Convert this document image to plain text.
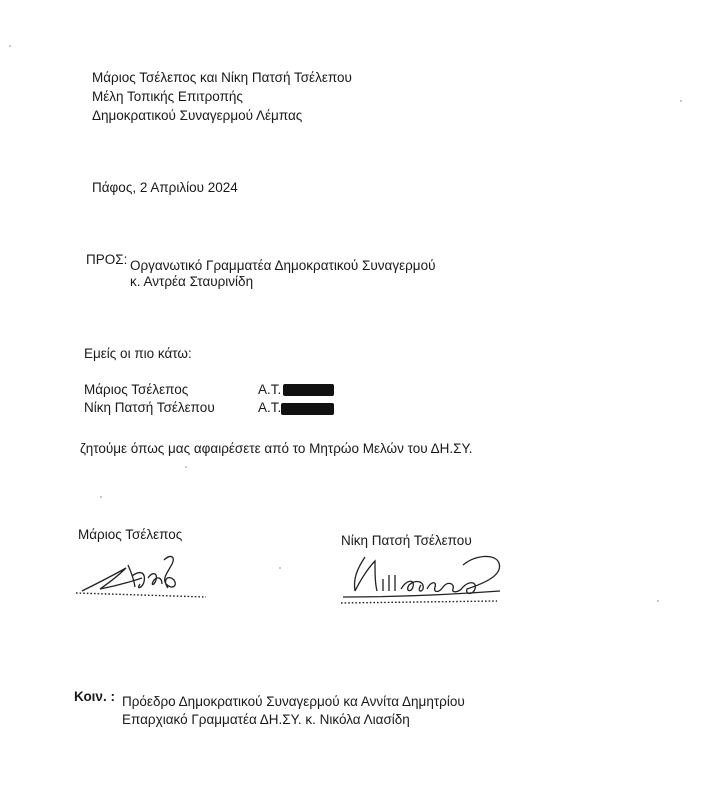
Μάριος Τσέλεπος και Νίκη Πατσή Τσέλεπου
Μέλη Τοπικής Επιτροπής
Δημοκρατικού Συναγερμού Λέμπας
Πάφος, 2 Απριλίου 2024
ΠΡΟΣ: Οργανωτικό Γραμματέα Δημοκρατικού Συναγερμού
κ. Αντρέα Σταυρινίδη
Εμείς οι πιο κάτω:
Μάριος Τσέλεπος	Α.Τ.
Νίκη Πατσή Τσέλεπου	Α.Τ.
ζητούμε όπως μας αφαιρέσετε από το Μητρώο Μελών του ΔΗ.ΣΥ.
Μάριος Τσέλεπος	Νίκη Πατσή Τσέλεπου
Κοιν. : Πρόεδρο Δημοκρατικού Συναγερμού κα Αννίτα Δημητρίου
Επαρχιακό Γραμματέα ΔΗ.ΣΥ. κ. Νικόλα Λιασίδη
